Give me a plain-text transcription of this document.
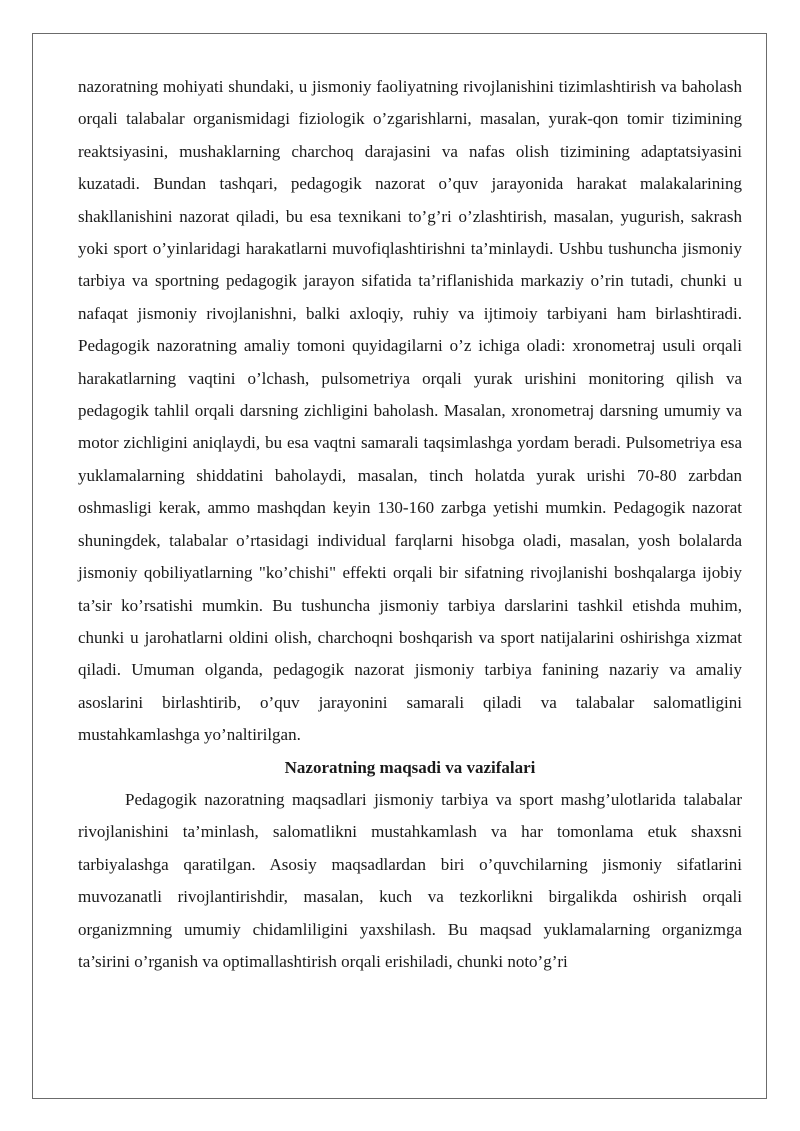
nazoratning mohiyati shundaki, u jismoniy faoliyatning rivojlanishini tizimlashtirish va baholash orqali talabalar organismidagi fiziologik o’zgarishlarni, masalan, yurak-qon tomir tizimining reaktsiyasini, mushaklarning charchoq darajasini va nafas olish tizimining adaptatsiyasini kuzatadi. Bundan tashqari, pedagogik nazorat o’quv jarayonida harakat malakalarining shakllanishini nazorat qiladi, bu esa texnikani to’g’ri o’zlashtirish, masalan, yugurish, sakrash yoki sport o’yinlaridagi harakatlarni muvofiqlashtirishni ta’minlaydi. Ushbu tushuncha jismoniy tarbiya va sportning pedagogik jarayon sifatida ta’riflanishida markaziy o’rin tutadi, chunki u nafaqat jismoniy rivojlanishni, balki axloqiy, ruhiy va ijtimoiy tarbiyani ham birlashtiradi. Pedagogik nazoratning amaliy tomoni quyidagilarni o’z ichiga oladi: xronometraj usuli orqali harakatlarning vaqtini o’lchash, pulsometriya orqali yurak urishini monitoring qilish va pedagogik tahlil orqali darsning zichligini baholash. Masalan, xronometraj darsning umumiy va motor zichligini aniqlaydi, bu esa vaqtni samarali taqsimlashga yordam beradi. Pulsometriya esa yuklamalarning shiddatini baholaydi, masalan, tinch holatda yurak urishi 70-80 zarbdan oshmasligi kerak, ammo mashqdan keyin 130-160 zarbga yetishi mumkin. Pedagogik nazorat shuningdek, talabalar o’rtasidagi individual farqlarni hisobga oladi, masalan, yosh bolalarda jismoniy qobiliyatlarning "ko’chishi" effekti orqali bir sifatning rivojlanishi boshqalarga ijobiy ta’sir ko’rsatishi mumkin. Bu tushuncha jismoniy tarbiya darslarini tashkil etishda muhim, chunki u jarohatlarni oldini olish, charchoqni boshqarish va sport natijalarini oshirishga xizmat qiladi. Umuman olganda, pedagogik nazorat jismoniy tarbiya fanining nazariy va amaliy asoslarini birlashtirib, o’quv jarayonini samarali qiladi va talabalar salomatligini mustahkamlashga yo’naltirilgan.

Nazoratning maqsadi va vazifalari

Pedagogik nazoratning maqsadlari jismoniy tarbiya va sport mashg’ulotlarida talabalar rivojlanishini ta’minlash, salomatlikni mustahkamlash va har tomonlama etuk shaxsni tarbiyalashga qaratilgan. Asosiy maqsadlardan biri o’quvchilarning jismoniy sifatlarini muvozanatli rivojlantirishdir, masalan, kuch va tezkorlikni birgalikda oshirish orqali organizmning umumiy chidamliligini yaxshilash. Bu maqsad yuklamalarning organizmga ta’sirini o’rganish va optimallashtirish orqali erishiladi, chunki noto’g’ri
